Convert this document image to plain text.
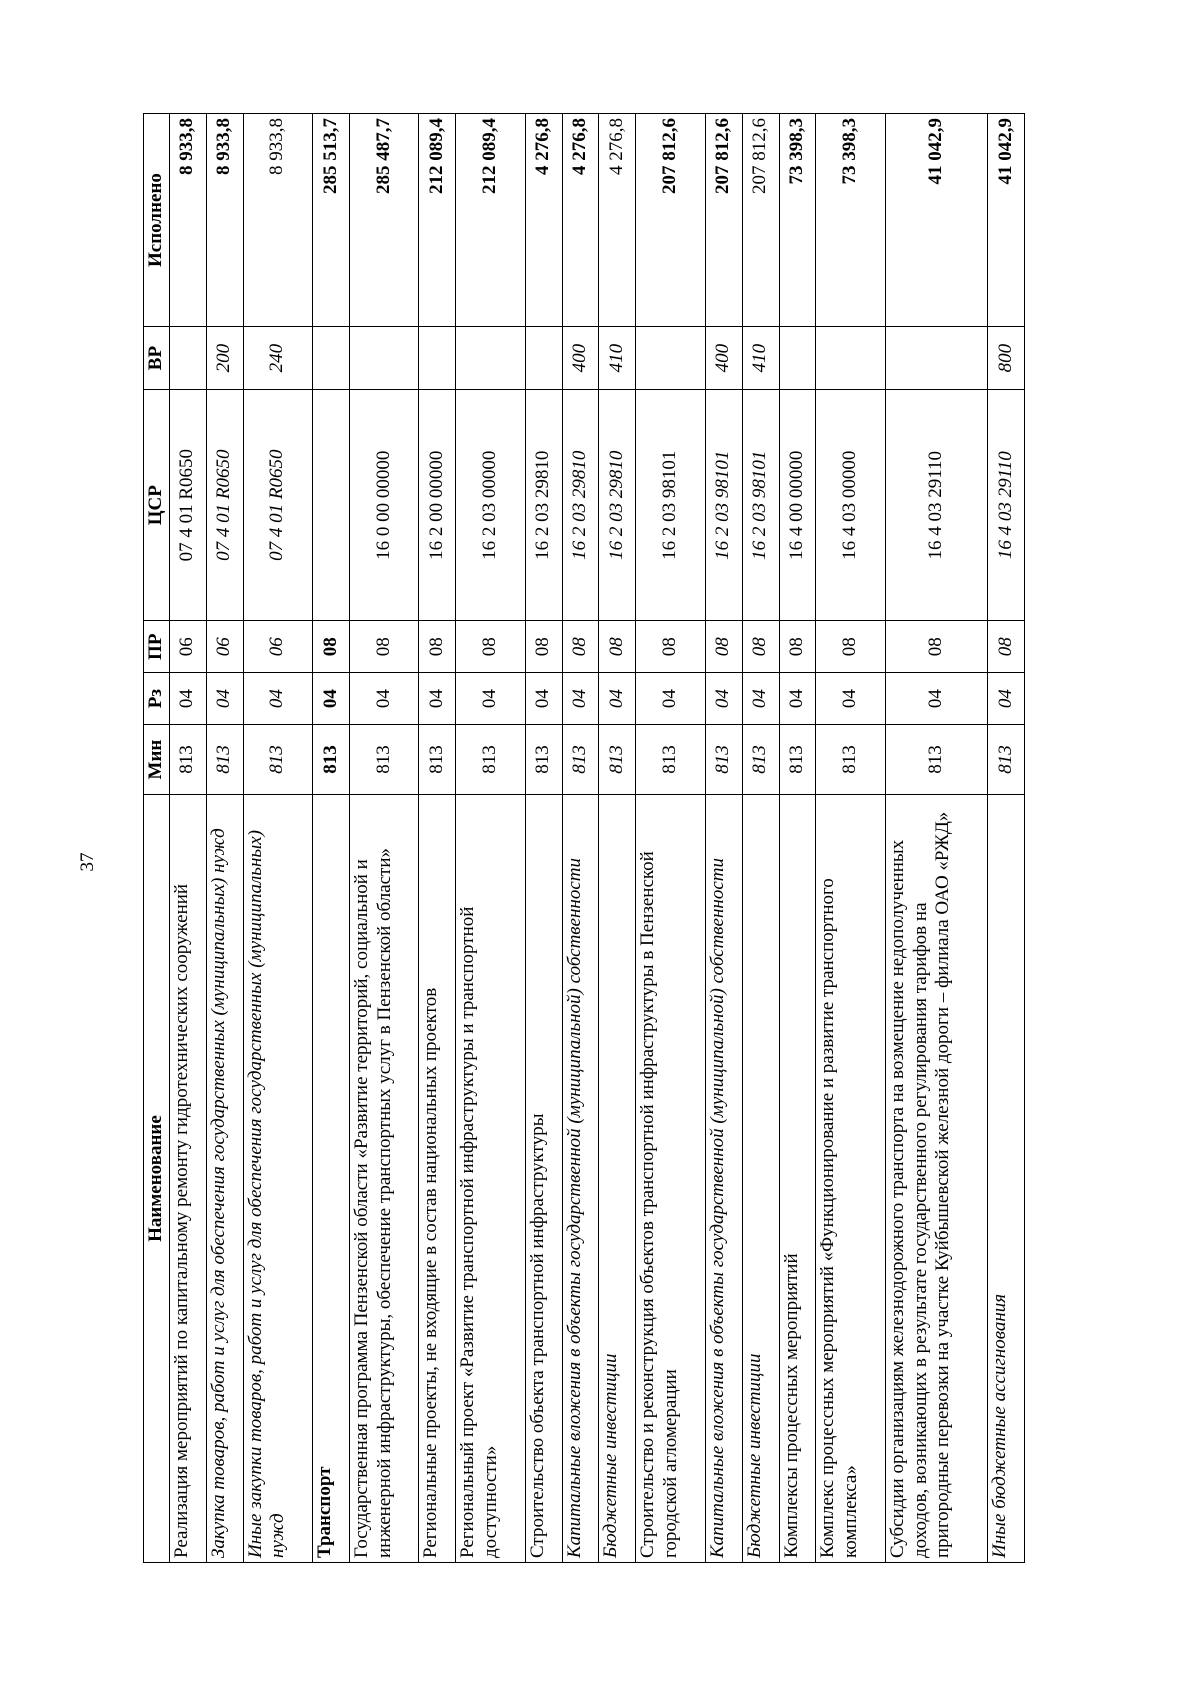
37
Наименование	Мин	Рз	ПР	ЦСР	ВР	Исполнено
Реализация мероприятий по капитальному ремонту гидротехнических сооружений	813	04	06	07 4 01 R0650		8 933,8
Закупка товаров, работ и услуг для обеспечения государственных (муниципальных) нужд	813	04	06	07 4 01 R0650	200	8 933,8
Иные закупки товаров, работ и услуг для обеспечения государственных (муниципальных) нужд	813	04	06	07 4 01 R0650	240	8 933,8
Транспорт	813	04	08			285 513,7
Государственная программа Пензенской области «Развитие территорий, социальной и инженерной инфраструктуры, обеспечение транспортных услуг в Пензенской области»	813	04	08	16 0 00 00000		285 487,7
Региональные проекты, не входящие в состав национальных проектов	813	04	08	16 2 00 00000		212 089,4
Региональный проект «Развитие транспортной инфраструктуры и транспортной доступности»	813	04	08	16 2 03 00000		212 089,4
Строительство объекта транспортной инфраструктуры	813	04	08	16 2 03 29810		4 276,8
Капитальные вложения в объекты государственной (муниципальной) собственности	813	04	08	16 2 03 29810	400	4 276,8
Бюджетные инвестиции	813	04	08	16 2 03 29810	410	4 276,8
Строительство и реконструкция объектов транспортной инфраструктуры в Пензенской городской агломерации	813	04	08	16 2 03 98101		207 812,6
Капитальные вложения в объекты государственной (муниципальной) собственности	813	04	08	16 2 03 98101	400	207 812,6
Бюджетные инвестиции	813	04	08	16 2 03 98101	410	207 812,6
Комплексы процессных мероприятий	813	04	08	16 4 00 00000		73 398,3
Комплекс процессных мероприятий «Функционирование и развитие транспортного комплекса»	813	04	08	16 4 03 00000		73 398,3
Субсидии организациям железнодорожного транспорта на возмещение недополученных доходов, возникающих в результате государственного регулирования тарифов на пригородные перевозки на участке Куйбышевской железной дороги – филиала ОАО «РЖД»	813	04	08	16 4 03 29110		41 042,9
Иные бюджетные ассигнования	813	04	08	16 4 03 29110	800	41 042,9
